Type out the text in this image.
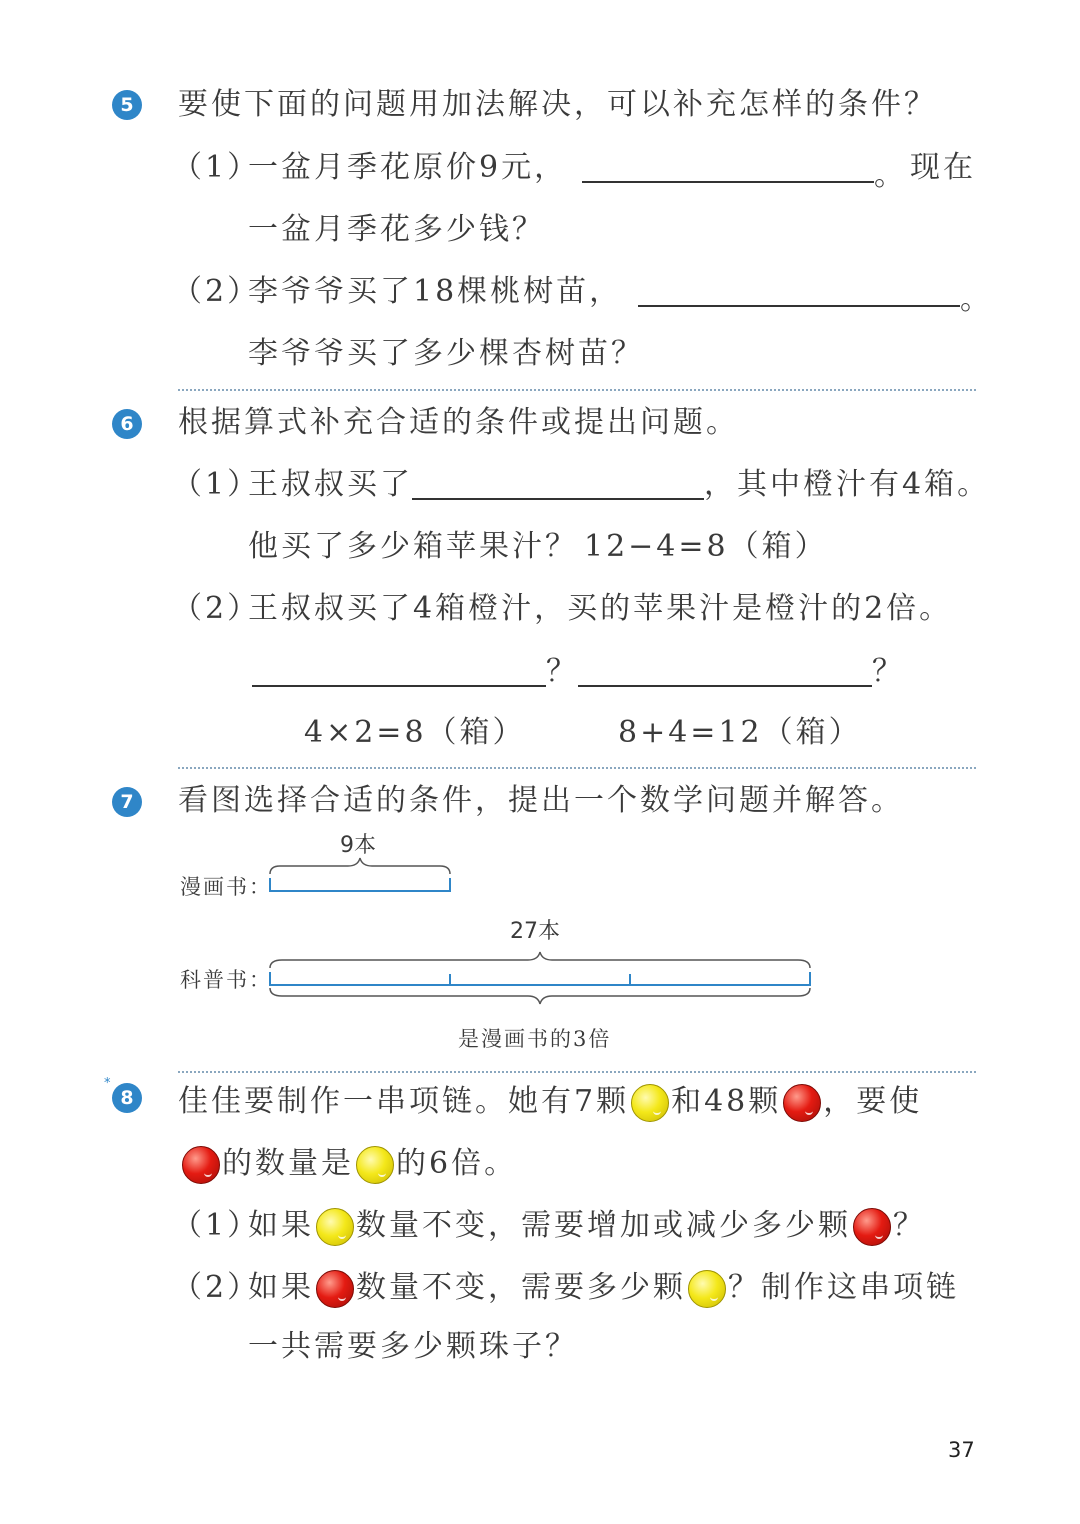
5 要使下面的问题用加法解决，可以补充怎样的条件？
（1）
一盆月季花原价9元，	。 现在
一盆月季花多少钱？
（2）
李爷爷买了18棵桃树苗，	。
李爷爷买了多少棵杏树苗？
6 根据算式补充合适的条件或提出问题。
（1）
王叔叔买了	，其中橙汁有4箱。
他买了多少箱苹果汁？ 12−4=8（箱）
（2）
王叔叔买了4箱橙汁，买的苹果汁是橙汁的2倍。
？	？
4×2=8（箱）	8+4=12（箱）
7 看图选择合适的条件，提出一个数学问题并解答。
9本
漫画书：
27本
科普书：
是漫画书的3倍
*
8 佳佳要制作一串项链。她有7颗 和48颗 ，要使
的数量是 的6倍。
（1）
如果 数量不变，需要增加或减少多少颗 ？
（2）
如果 数量不变，需要多少颗 ？制作这串项链
一共需要多少颗珠子？
37
